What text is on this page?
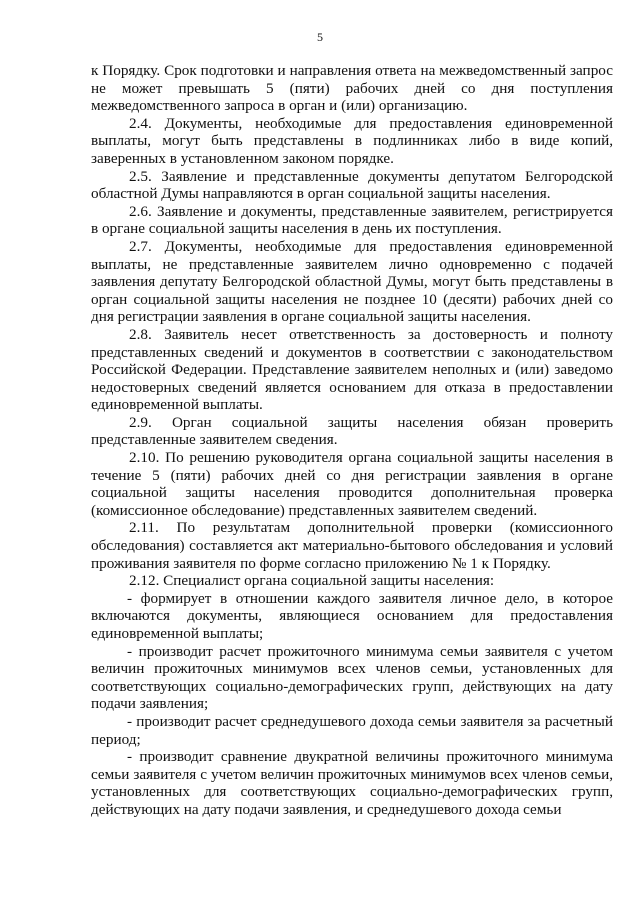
5

к Порядку. Срок подготовки и направления ответа на межведомственный запрос не может превышать 5 (пяти) рабочих дней со дня поступления межведомственного запроса в орган и (или) организацию.

2.4. Документы, необходимые для предоставления единовременной выплаты, могут быть представлены в подлинниках либо в виде копий, заверенных в установленном законом порядке.

2.5. Заявление и представленные документы депутатом Белгородской областной Думы направляются в орган социальной защиты населения.

2.6. Заявление и документы, представленные заявителем, регистрируется в органе социальной защиты населения в день их поступления.

2.7. Документы, необходимые для предоставления единовременной выплаты, не представленные заявителем лично одновременно с подачей заявления депутату Белгородской областной Думы, могут быть представлены в орган социальной защиты населения не позднее 10 (десяти) рабочих дней со дня регистрации заявления в органе социальной защиты населения.

2.8. Заявитель несет ответственность за достоверность и полноту представленных сведений и документов в соответствии с законодательством Российской Федерации. Представление заявителем неполных и (или) заведомо недостоверных сведений является основанием для отказа в предоставлении единовременной выплаты.

2.9. Орган социальной защиты населения обязан проверить представленные заявителем сведения.

2.10. По решению руководителя органа социальной защиты населения в течение 5 (пяти) рабочих дней со дня регистрации заявления в органе социальной защиты населения проводится дополнительная проверка (комиссионное обследование) представленных заявителем сведений.

2.11. По результатам дополнительной проверки (комиссионного обследования) составляется акт материально-бытового обследования и условий проживания заявителя по форме согласно приложению № 1 к Порядку.

2.12. Специалист органа социальной защиты населения:

- формирует в отношении каждого заявителя личное дело, в которое включаются документы, являющиеся основанием для предоставления единовременной выплаты;

- производит расчет прожиточного минимума семьи заявителя с учетом величин прожиточных минимумов всех членов семьи, установленных для соответствующих социально-демографических групп, действующих на дату подачи заявления;

- производит расчет среднедушевого дохода семьи заявителя за расчетный период;

- производит сравнение двукратной величины прожиточного минимума семьи заявителя с учетом величин прожиточных минимумов всех членов семьи, установленных для соответствующих социально-демографических групп, действующих на дату подачи заявления, и среднедушевого дохода семьи
